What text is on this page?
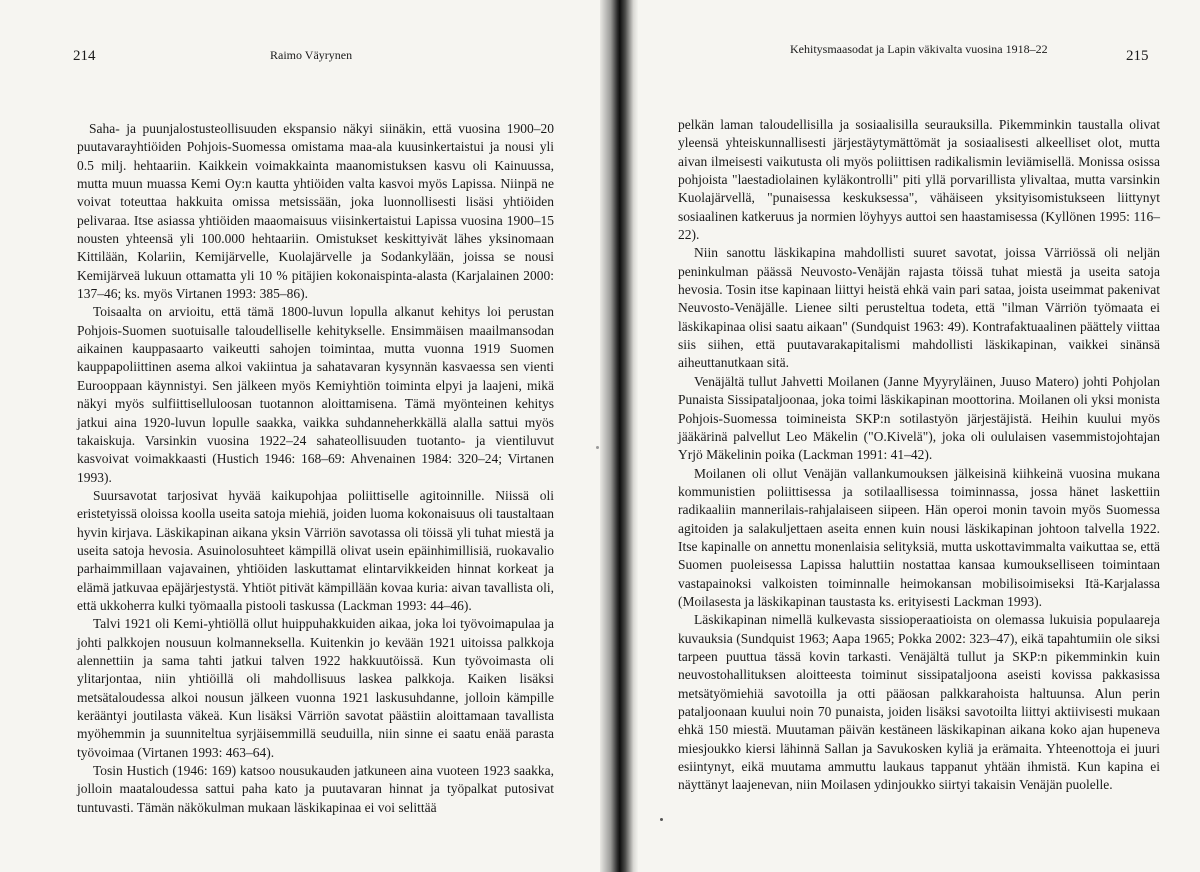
214	Raimo Väyrynen

Saha- ja puunjalostusteollisuuden ekspansio näkyi siinäkin, että vuosina 1900–20 puutavarayhtiöiden Pohjois-Suomessa omistama maa-ala kuusinkertaistui ja nousi yli 0.5 milj. hehtaariin. Kaikkein voimakkainta maanomistuksen kasvu oli Kainuussa, mutta muun muassa Kemi Oy:n kautta yhtiöiden valta kasvoi myös Lapissa. Niinpä ne voivat toteuttaa hakkuita omissa metsissään, joka luonnollisesti lisäsi yhtiöiden pelivaraa. Itse asiassa yhtiöiden maaomaisuus viisinkertaistui Lapissa vuosina 1900–15 nousten yhteensä yli 100.000 hehtaariin. Omistukset keskittyivät lähes yksinomaan Kittilään, Kolariin, Kemijärvelle, Kuolajärvelle ja Sodankylään, joissa se nousi Kemijärveä lukuun ottamatta yli 10 % pitäjien kokonaispinta-alasta (Karjalainen 2000: 137–46; ks. myös Virtanen 1993: 385–86).

Toisaalta on arvioitu, että tämä 1800-luvun lopulla alkanut kehitys loi perustan Pohjois-Suomen suotuisalle taloudelliselle kehitykselle. Ensimmäisen maailmansodan aikainen kauppasaarto vaikeutti sahojen toimintaa, mutta vuonna 1919 Suomen kauppapoliittinen asema alkoi vakiintua ja sahatavaran kysynnän kasvaessa sen vienti Eurooppaan käynnistyi. Sen jälkeen myös Kemiyhtiön toiminta elpyi ja laajeni, mikä näkyi myös sulfiittiselluloosan tuotannon aloittamisena. Tämä myönteinen kehitys jatkui aina 1920-luvun lopulle saakka, vaikka suhdanneherkkällä alalla sattui myös takaiskuja. Varsinkin vuosina 1922–24 sahateollisuuden tuotanto- ja vientiluvut kasvoivat voimakkaasti (Hustich 1946: 168–69: Ahvenainen 1984: 320–24; Virtanen 1993).

Suursavotat tarjosivat hyvää kaikupohjaa poliittiselle agitoinnille. Niissä oli eristetyissä oloissa koolla useita satoja miehiä, joiden luoma kokonaisuus oli taustaltaan hyvin kirjava. Läskikapinan aikana yksin Värriön savotassa oli töissä yli tuhat miestä ja useita satoja hevosia. Asuinolosuhteet kämpillä olivat usein epäinhimillisiä, ruokavalio parhaimmillaan vajavainen, yhtiöiden laskuttamat elintarvikkeiden hinnat korkeat ja elämä jatkuvaa epäjärjestystä. Yhtiöt pitivät kämpillään kovaa kuria: aivan tavallista oli, että ukkoherra kulki työmaalla pistooli taskussa (Lackman 1993: 44–46).

Talvi 1921 oli Kemi-yhtiöllä ollut huippuhakkuiden aikaa, joka loi työvoimapulaa ja johti palkkojen nousuun kolmanneksella. Kuitenkin jo kevään 1921 uitoissa palkkoja alennettiin ja sama tahti jatkui talven 1922 hakkuutöissä. Kun työvoimasta oli ylitarjontaa, niin yhtiöillä oli mahdollisuus laskea palkkoja. Kaiken lisäksi metsätaloudessa alkoi nousun jälkeen vuonna 1921 laskusuhdanne, jolloin kämpille kerääntyi joutilasta väkeä. Kun lisäksi Värriön savotat päästiin aloittamaan tavallista myöhemmin ja suunniteltua syrjäisemmillä seuduilla, niin sinne ei saatu enää parasta työvoimaa (Virtanen 1993: 463–64).

Tosin Hustich (1946: 169) katsoo nousukauden jatkuneen aina vuoteen 1923 saakka, jolloin maataloudessa sattui paha kato ja puutavaran hinnat ja työpalkat putosivat tuntuvasti. Tämän näkökulman mukaan läskikapinaa ei voi selittää

Kehitysmaasodat ja Lapin väkivalta vuosina 1918–22	215

pelkän laman taloudellisilla ja sosiaalisilla seurauksilla. Pikemminkin taustalla olivat yleensä yhteiskunnallisesti järjestäytymättömät ja sosiaalisesti alkeelliset olot, mutta aivan ilmeisesti vaikutusta oli myös poliittisen radikalismin leviämisellä. Monissa osissa pohjoista "laestadiolainen kyläkontrolli" piti yllä porvarillista ylivaltaa, mutta varsinkin Kuolajärvellä, "punaisessa keskuksessa", vähäiseen yksityisomistukseen liittynyt sosiaalinen katkeruus ja normien löyhyys auttoi sen haastamisessa (Kyllönen 1995: 116–22).

Niin sanottu läskikapina mahdollisti suuret savotat, joissa Värriössä oli neljän peninkulman päässä Neuvosto-Venäjän rajasta töissä tuhat miestä ja useita satoja hevosia. Tosin itse kapinaan liittyi heistä ehkä vain pari sataa, joista useimmat pakenivat Neuvosto-Venäjälle. Lienee silti perusteltua todeta, että "ilman Värriön työmaata ei läskikapinaa olisi saatu aikaan" (Sundquist 1963: 49). Kontrafaktuaalinen päättely viittaa siis siihen, että puutavarakapitalismi mahdollisti läskikapinan, vaikkei sinänsä aiheuttanutkaan sitä.

Venäjältä tullut Jahvetti Moilanen (Janne Myyryläinen, Juuso Matero) johti Pohjolan Punaista Sissipataljoonaa, joka toimi läskikapinan moottorina. Moilanen oli yksi monista Pohjois-Suomessa toimineista SKP:n sotilastyön järjestäjistä. Heihin kuului myös jääkärinä palvellut Leo Mäkelin ("O.Kivelä"), joka oli oululaisen vasemmistojohtajan Yrjö Mäkelinin poika (Lackman 1991: 41–42).

Moilanen oli ollut Venäjän vallankumouksen jälkeisinä kiihkeinä vuosina mukana kommunistien poliittisessa ja sotilaallisessa toiminnassa, jossa hänet laskettiin radikaaliin mannerilais-rahjalaiseen siipeen. Hän operoi monin tavoin myös Suomessa agitoiden ja salakuljettaen aseita ennen kuin nousi läskikapinan johtoon talvella 1922. Itse kapinalle on annettu monenlaisia selityksiä, mutta uskottavimmalta vaikuttaa se, että Suomen puoleisessa Lapissa haluttiin nostattaa kansaa kumoukselliseen toimintaan vastapainoksi valkoisten toiminnalle heimokansan mobilisoimiseksi Itä-Karjalassa (Moilasesta ja läskikapinan taustasta ks. erityisesti Lackman 1993).

Läskikapinan nimellä kulkevasta sissioperaatioista on olemassa lukuisia populaareja kuvauksia (Sundquist 1963; Aapa 1965; Pokka 2002: 323–47), eikä tapahtumiin ole siksi tarpeen puuttua tässä kovin tarkasti. Venäjältä tullut ja SKP:n pikemminkin kuin neuvostohallituksen aloitteesta toiminut sissipataljoona aseisti kovissa pakkasissa metsätyömiehiä savotoilla ja otti pääosan palkkarahoista haltuunsa. Alun perin pataljoonaan kuului noin 70 punaista, joiden lisäksi savotoilta liittyi aktiivisesti mukaan ehkä 150 miestä. Muutaman päivän kestäneen läskikapinan aikana koko ajan hupeneva miesjoukko kiersi lähinnä Sallan ja Savukosken kyliä ja erämaita. Yhteenottoja ei juuri esiintynyt, eikä muutama ammuttu laukaus tappanut yhtään ihmistä. Kun kapina ei näyttänyt laajenevan, niin Moilasen ydinjoukko siirtyi takaisin Venäjän puolelle.
